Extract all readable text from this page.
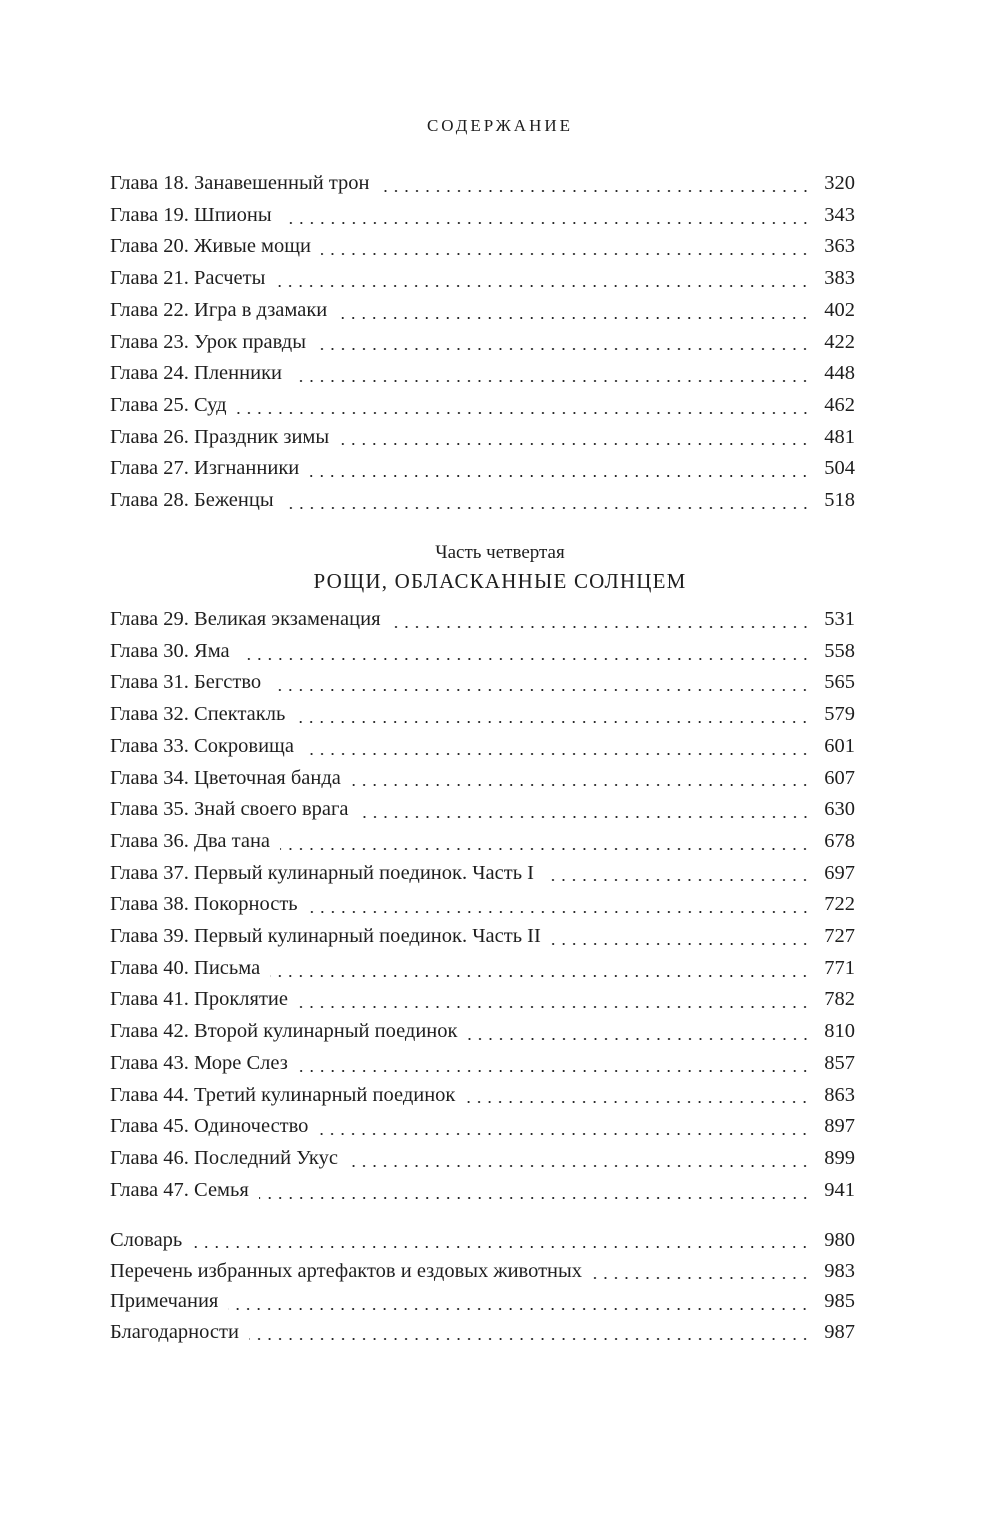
СОДЕРЖАНИЕ
Глава 18. Занавешенный трон	320
Глава 19. Шпионы	343
Глава 20. Живые мощи	363
Глава 21. Расчеты	383
Глава 22. Игра в дзамаки	402
Глава 23. Урок правды	422
Глава 24. Пленники	448
Глава 25. Суд	462
Глава 26. Праздник зимы	481
Глава 27. Изгнанники	504
Глава 28. Беженцы	518
Часть четвертая
РОЩИ, ОБЛАСКАННЫЕ СОЛНЦЕМ
Глава 29. Великая экзаменация	531
Глава 30. Яма	558
Глава 31. Бегство	565
Глава 32. Спектакль	579
Глава 33. Сокровища	601
Глава 34. Цветочная банда	607
Глава 35. Знай своего врага	630
Глава 36. Два тана	678
Глава 37. Первый кулинарный поединок. Часть I	697
Глава 38. Покорность	722
Глава 39. Первый кулинарный поединок. Часть II	727
Глава 40. Письма	771
Глава 41. Проклятие	782
Глава 42. Второй кулинарный поединок	810
Глава 43. Море Слез	857
Глава 44. Третий кулинарный поединок	863
Глава 45. Одиночество	897
Глава 46. Последний Укус	899
Глава 47. Семья	941
Словарь	980
Перечень избранных артефактов и ездовых животных	983
Примечания	985
Благодарности	987
